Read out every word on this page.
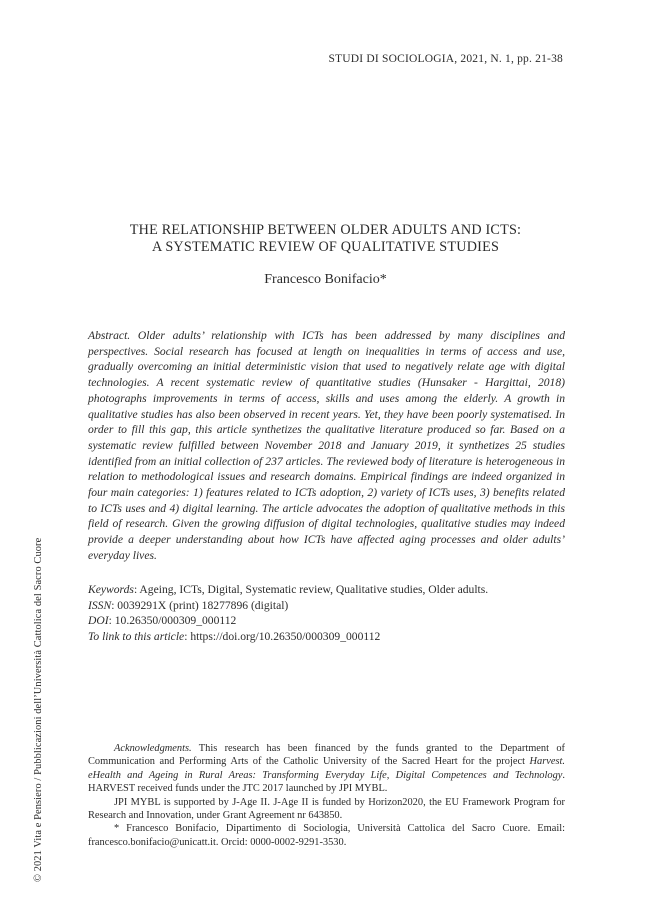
STUDI DI SOCIOLOGIA, 2021, N. 1, pp. 21-38
THE RELATIONSHIP BETWEEN OLDER ADULTS AND ICTS:
A SYSTEMATIC REVIEW OF QUALITATIVE STUDIES
Francesco Bonifacio*
Abstract. Older adults’ relationship with ICTs has been addressed by many disciplines and perspectives. Social research has focused at length on inequalities in terms of access and use, gradually overcoming an initial deterministic vision that used to negatively relate age with digital technologies. A recent systematic review of quantitative studies (Hunsaker - Hargittai, 2018) photographs improvements in terms of access, skills and uses among the elderly. A growth in qualitative studies has also been observed in recent years. Yet, they have been poorly systematised. In order to fill this gap, this article synthetizes the qualitative literature produced so far. Based on a systematic review fulfilled between November 2018 and January 2019, it synthetizes 25 studies identified from an initial collection of 237 articles. The reviewed body of literature is heterogeneous in relation to methodological issues and research domains. Empirical findings are indeed organized in four main categories: 1) features related to ICTs adoption, 2) variety of ICTs uses, 3) benefits related to ICTs uses and 4) digital learning. The article advocates the adoption of qualitative methods in this field of research. Given the growing diffusion of digital technologies, qualitative studies may indeed provide a deeper understanding about how ICTs have affected aging processes and older adults’ everyday lives.
Keywords: Ageing, ICTs, Digital, Systematic review, Qualitative studies, Older adults.
ISSN: 0039291X (print) 18277896 (digital)
DOI: 10.26350/000309_000112
To link to this article: https://doi.org/10.26350/000309_000112

Acknowledgments. This research has been financed by the funds granted to the Department of Communication and Performing Arts of the Catholic University of the Sacred Heart for the project Harvest. eHealth and Ageing in Rural Areas: Transforming Everyday Life, Digital Competences and Technology. HARVEST received funds under the JTC 2017 launched by JPI MYBL.

JPI MYBL is supported by J-Age II. J-Age II is funded by Horizon2020, the EU Framework Program for Research and Innovation, under Grant Agreement nr 643850.

* Francesco Bonifacio, Dipartimento di Sociologia, Università Cattolica del Sacro Cuore. Email: francesco.bonifacio@unicatt.it. Orcid: 0000-0002-9291-3530.

© 2021 Vita e Pensiero / Pubblicazioni dell’Università Cattolica del Sacro Cuore
